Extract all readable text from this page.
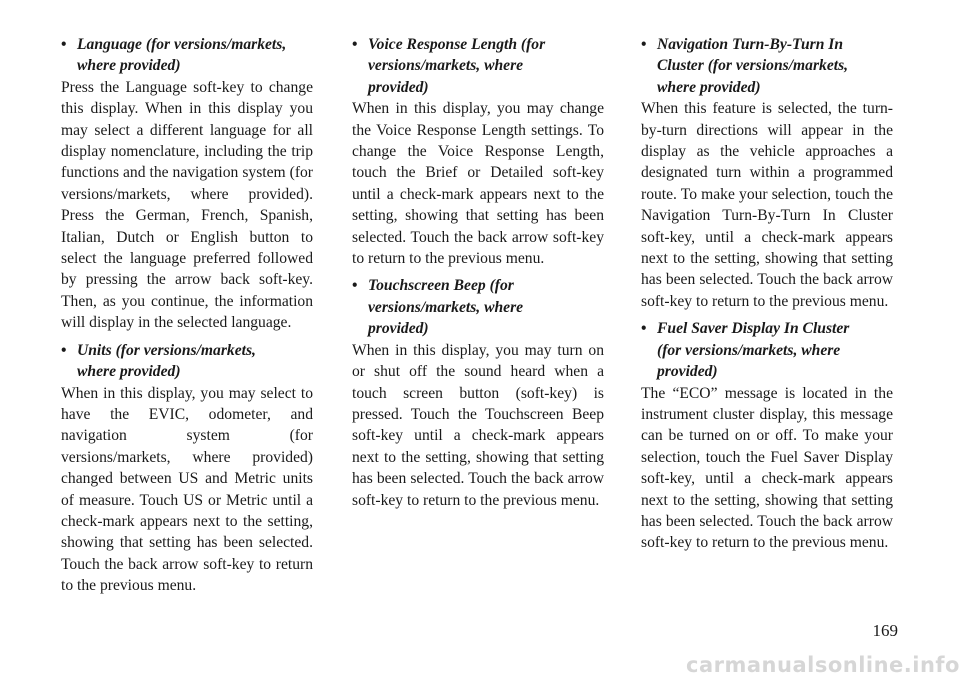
• Language (for versions/markets,
where provided)

Press the Language soft-key to change this display. When in this display you may select a different language for all display nomenclature, including the trip functions and the navigation system (for versions/markets, where provided). Press the German, French, Spanish, Italian, Dutch or English button to select the language preferred followed by pressing the arrow back soft-key. Then, as you continue, the information will display in the selected language.

• Units (for versions/markets,
where provided)

When in this display, you may select to have the EVIC, odometer, and navigation system (for versions/markets, where provided) changed between US and Metric units of measure. Touch US or Metric until a check-mark appears next to the setting, showing that setting has been selected. Touch the back arrow soft-key to return to the previous menu.

• Voice Response Length (for
versions/markets, where
provided)

When in this display, you may change the Voice Response Length settings. To change the Voice Response Length, touch the Brief or Detailed soft-key until a check-mark appears next to the setting, showing that setting has been selected. Touch the back arrow soft-key to return to the previous menu.

• Touchscreen Beep (for
versions/markets, where
provided)

When in this display, you may turn on or shut off the sound heard when a touch screen button (soft-key) is pressed. Touch the Touchscreen Beep soft-key until a check-mark appears next to the setting, showing that setting has been selected. Touch the back arrow soft-key to return to the previous menu.

• Navigation Turn-By-Turn In
Cluster (for versions/markets,
where provided)

When this feature is selected, the turn-by-turn directions will appear in the display as the vehicle approaches a designated turn within a programmed route. To make your selection, touch the Navigation Turn-By-Turn In Cluster soft-key, until a check-mark appears next to the setting, showing that setting has been selected. Touch the back arrow soft-key to return to the previous menu.

• Fuel Saver Display In Cluster
(for versions/markets, where
provided)

The “ECO” message is located in the instrument cluster display, this message can be turned on or off. To make your selection, touch the Fuel Saver Display soft-key, until a check-mark appears next to the setting, showing that setting has been selected. Touch the back arrow soft-key to return to the previous menu.

169
carmanualsonline.info
